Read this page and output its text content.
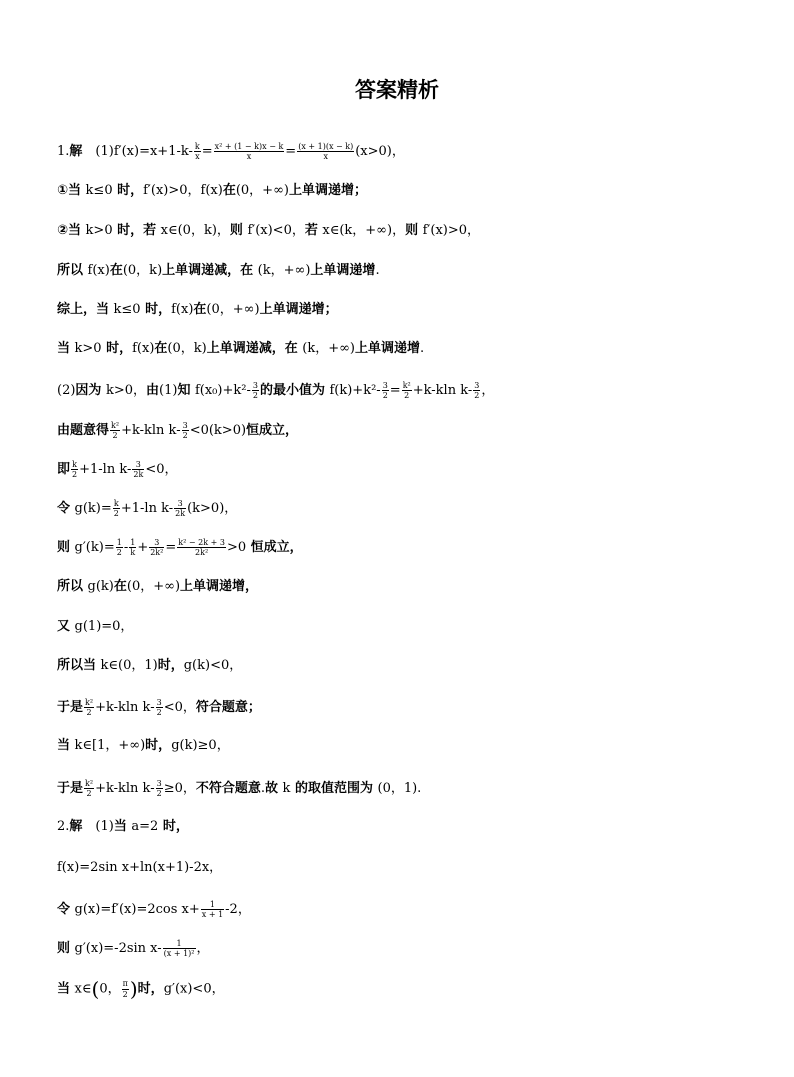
答案精析
1.解　$(1)f'(x)=x+1-k- \frac{k}{x} = \frac{\text{x² + (1 − k)x − k}}{x} = \frac{(x + 1)(x - k)}{x} (x>0)$，
①当 k≤0 时，f′(x)>0，f(x)在(0，+∞)上单调递增；
②当 k>0 时，若 x∈(0，k)，则 f′(x)<0，若 x∈(k，+∞)，则 f′(x)>0，
所以 f(x)在(0，k)上单调递减，在 (k，+∞)上单调递增.
综上，当 k≤0 时，f(x)在(0，+∞)上单调递增；
当 k>0 时，f(x)在(0，k)上单调递减，在 (k，+∞)上单调递增.
(2)因为 k>0，由(1)知 $f(x_0)+k^2- \frac{3}{2}$ 的最小值为 $f(k)+k^2- \frac{3}{2} = \frac{\text{k²}}{2} +k-kln$ $k- \frac{3}{2}$ ，
由题意得 $\frac{\text{k²}}{2} +k-kln$ $k- \frac{3}{2} <0(k>0)$恒成立，
即 $\frac{k}{2} +1-\ln$ $k- \frac{3}{2k} <0$，
令 $g(k)= \frac{k}{2} +1-\ln$ $k- \frac{3}{2k} (k>0)$，
则 $g'(k)= \frac{1}{2} - \frac{1}{k} + \frac{3}{\text{2k²}} = \frac{\text{k² − 2k + 3}}{\text{2k²}} >0$ 恒成立，
所以 g(k)在(0，+∞)上单调递增，
又 g(1)=0，
所以当 k∈(0，1)时，g(k)<0，
于是 $\frac{\text{k²}}{2} +k-kln$ $k- \frac{3}{2} <0$，符合题意；
当 k∈[1，+∞)时，g(k)≥0，
于是 $\frac{\text{k²}}{2} +k-kln$ $k- \frac{3}{2} \ge 0$，不符合题意.故 k 的取值范围为 (0，1).
2.解　(1)当 a=2 时，
f(x)=2sin x+ln(x+1)-2x，
令 g(x)=f′(x)=2cos $x+ \frac{1}{x + 1} -2$，
则 g′(x)=-2sin $x- \frac{1}{\text{(x + 1)²}}$ ，
当 x∈(0， $\frac{\pi}{2}$ )时，g′(x)<0，
